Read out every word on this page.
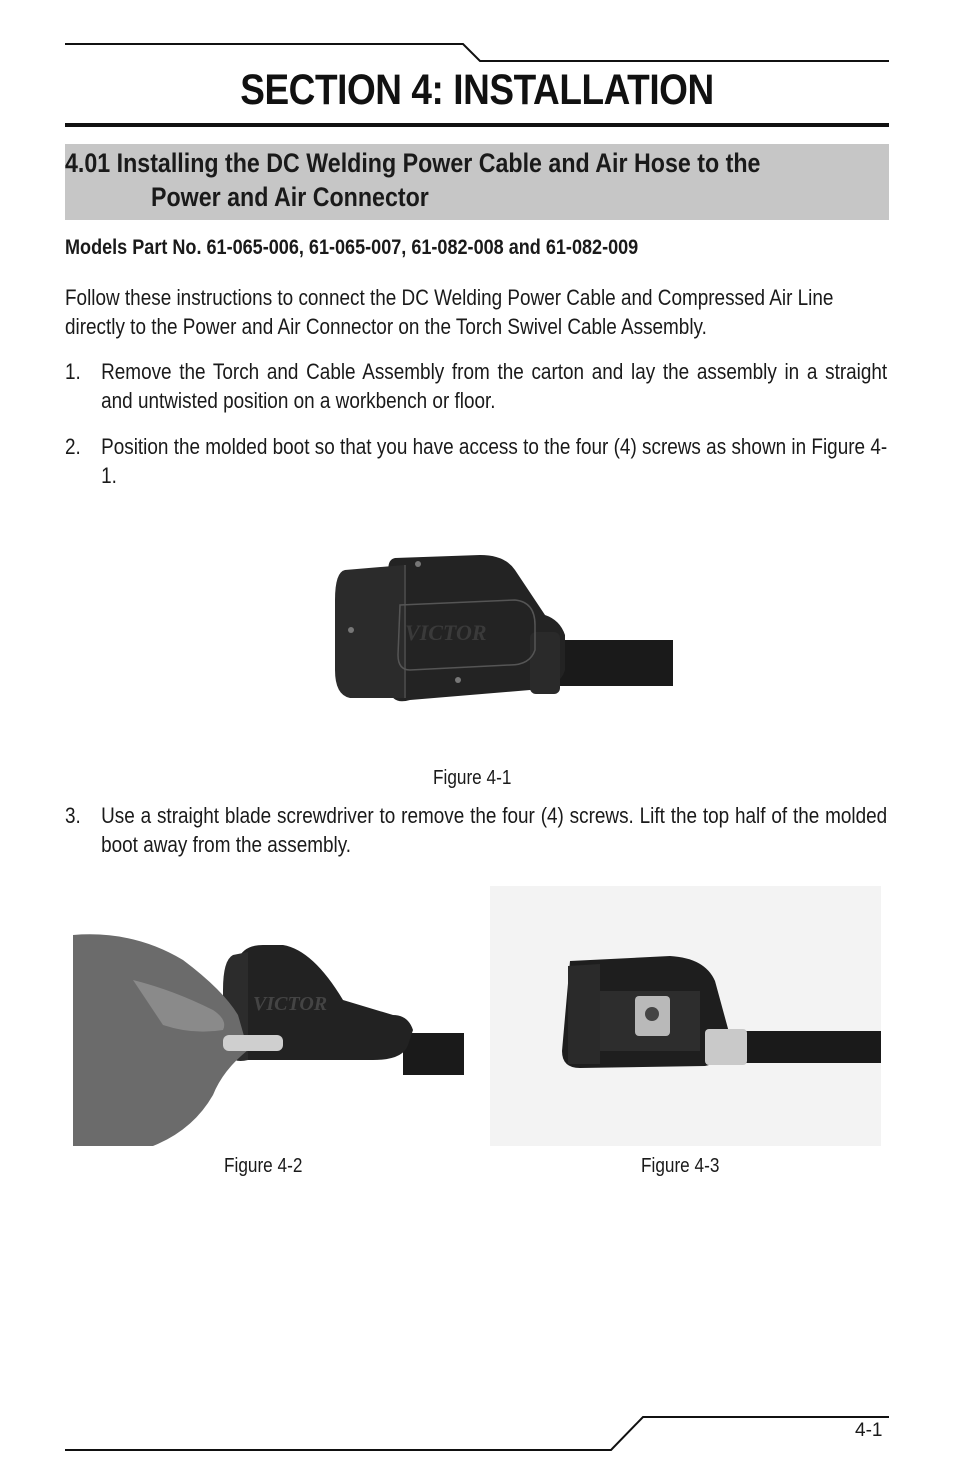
SECTION 4: INSTALLATION
4.01 Installing the DC Welding Power Cable and Air Hose to the
Power and Air Connector
Models Part No. 61-065-006, 61-065-007, 61-082-008 and 61-082-009
Follow these instructions to connect the DC Welding Power Cable and Compressed Air Line directly to the Power and Air Connector on the Torch Swivel Cable Assembly.
1. Remove the Torch and Cable Assembly from the carton and lay the assembly in a straight and untwisted position on a workbench or floor.
2. Position the molded boot so that you have access to the four (4) screws as shown in Figure 4-1.
VICTOR
Figure 4-1
3. Use a straight blade screwdriver to remove the four (4) screws. Lift the top half of the molded boot away from the assembly.
VICTOR
Figure 4-2	Figure 4-3
4-1
